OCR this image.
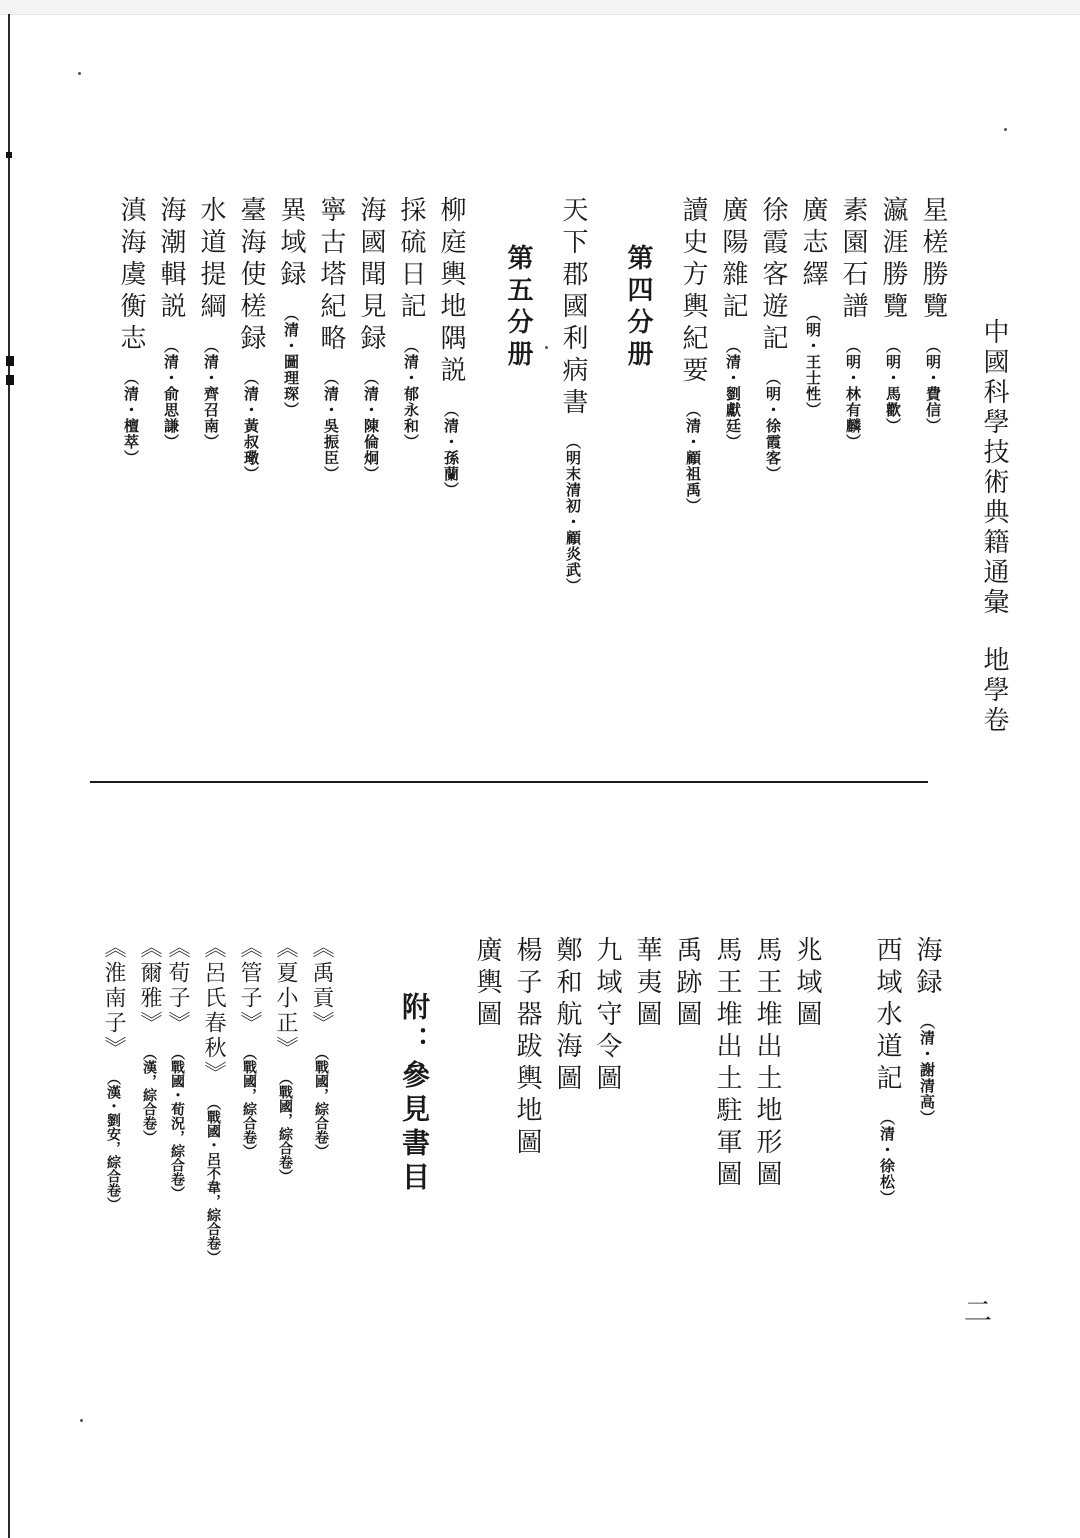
中國科學技術典籍通彙地學卷
星槎勝覽（明・費信）
瀛涯勝覽（明・馬歡）
素園石譜（明・林有麟）
廣志繹（明・王士性）
徐霞客遊記（明・徐霞客）
廣陽雜記（清・劉獻廷）
讀史方輿紀要（清・顧祖禹）
第四分册
天下郡國利病書（明末清初・顧炎武）
第五分册
柳庭輿地隅説（清・孫蘭）
採硫日記（清・郁永和）
海國聞見録（清・陳倫炯）
寧古塔紀略（清・吳振臣）
異域録（清・圖理琛）
臺海使槎録（清・黃叔璥）
水道提綱（清・齊召南）
海潮輯説（清・俞思謙）
滇海虞衡志（清・檀萃）
海録（清・謝清高）
西域水道記（清・徐松）
兆域圖
馬王堆出土地形圖
馬王堆出土駐軍圖
禹跡圖
華夷圖
九域守令圖
鄭和航海圖
楊子器跋輿地圖
廣輿圖
附：參見書目
《禹貢》（戰國，綜合卷）
《夏小正》（戰國，綜合卷）
《管子》（戰國，綜合卷）
《呂氏春秋》（戰國・呂不韋，綜合卷）
《荀子》（戰國・荀況，綜合卷）
《爾雅》（漢，綜合卷）
《淮南子》（漢・劉安，綜合卷）
二
